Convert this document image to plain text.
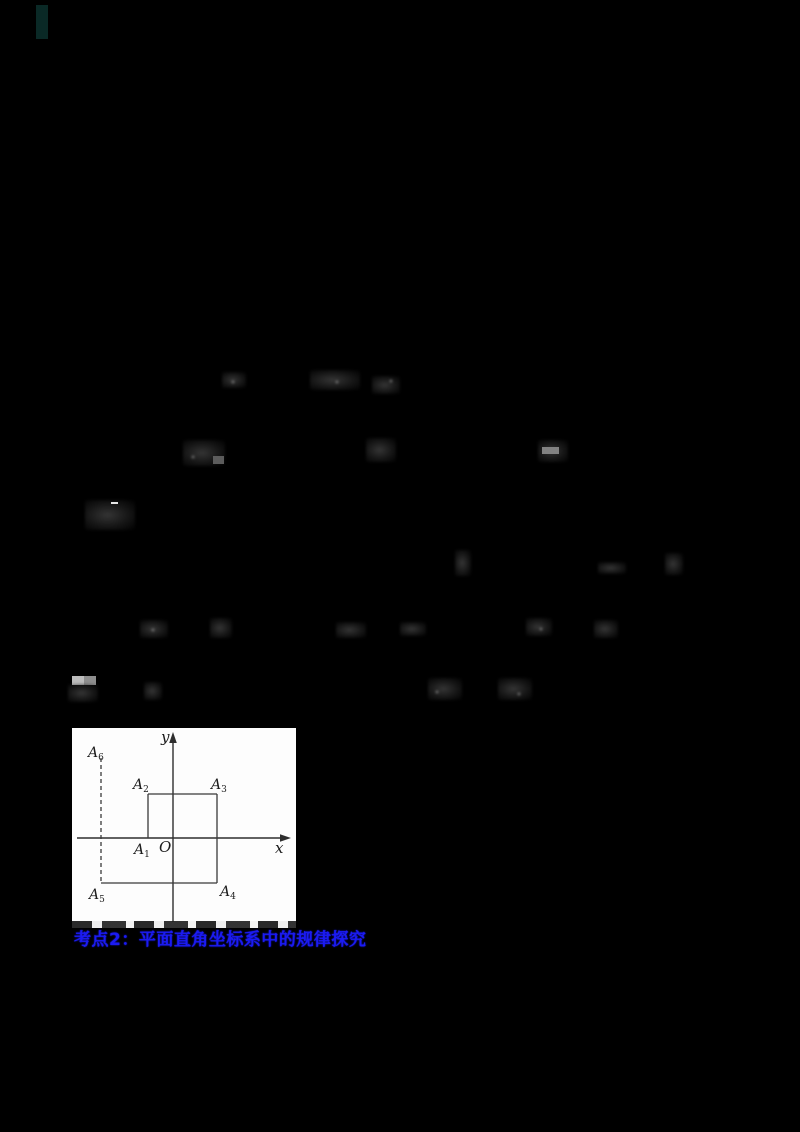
y
x
O
$A_1$
$A_2$	$A_3$
$A_4$
$A_5$
$A_6$
考点2：平面直角坐标系中的规律探究
